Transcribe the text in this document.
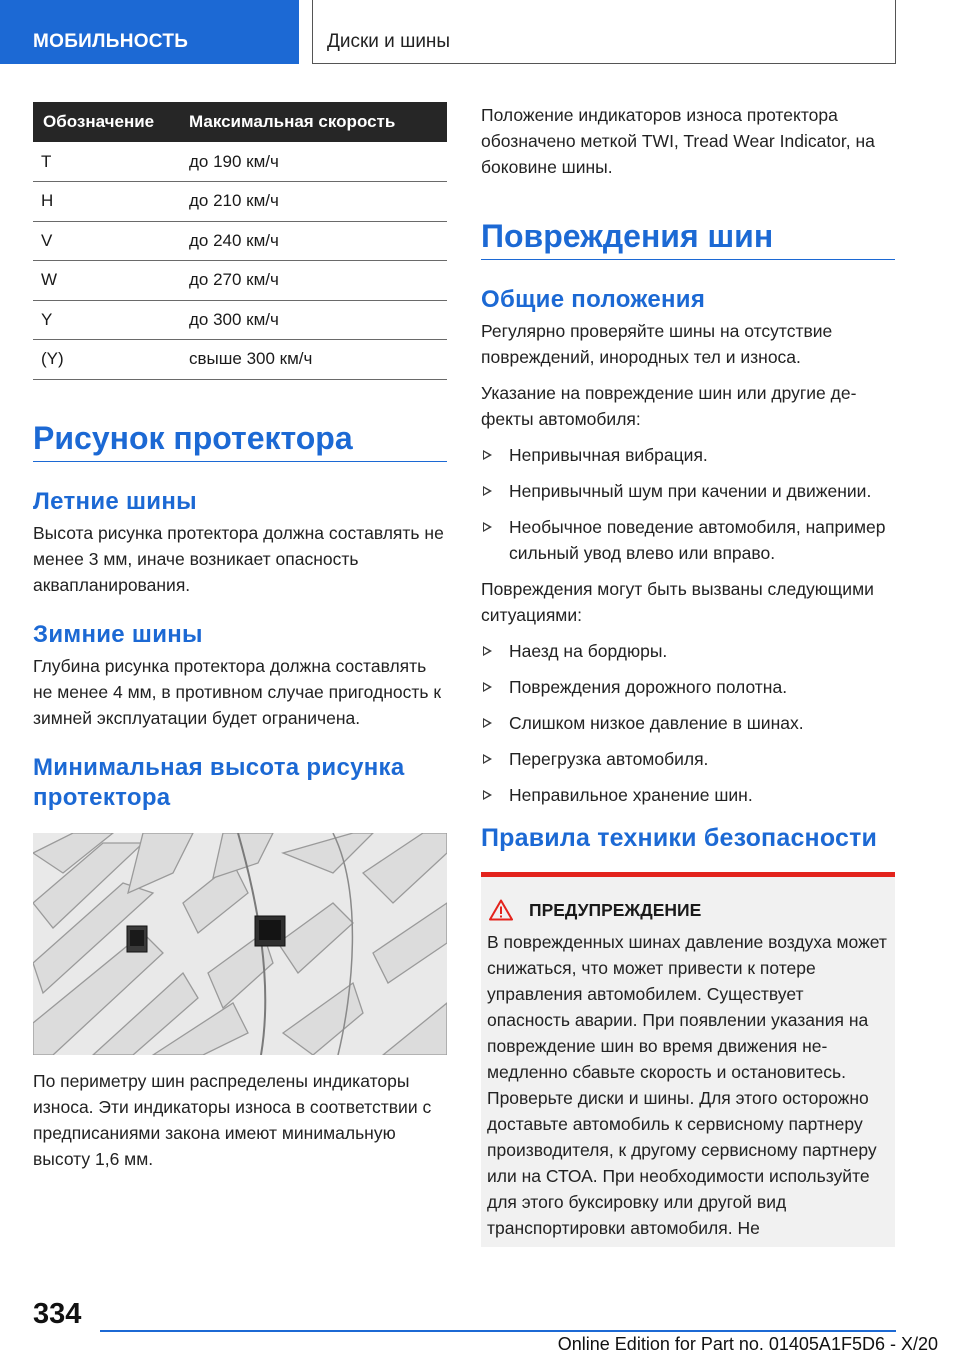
МОБИЛЬНОСТЬ	Диски и шины
Обозначение	Максимальная скорость
T	до 190 км/ч
H	до 210 км/ч
V	до 240 км/ч
W	до 270 км/ч
Y	до 300 км/ч
(Y)	свыше 300 км/ч
Рисунок протектора
Летние шины
Высота рисунка протектора должна составлять не менее 3 мм, иначе возникает опасность аквапланирования.
Зимние шины
Глубина рисунка протектора должна составлять не менее 4 мм, в противном случае пригодность к зимней эксплуатации будет ограничена.
Минимальная высота рисунка протектора
По периметру шин распределены индикаторы износа. Эти индикаторы износа в соответствии с предписаниями закона имеют минимальную высоту 1,6 мм.
Положение индикаторов износа протектора обозначено меткой TWI, Tread Wear Indicator, на боковине шины.
Повреждения шин
Общие положения
Регулярно проверяйте шины на отсутствие повреждений, инородных тел и износа.
Указание на повреждение шин или другие дефекты автомобиля:
Непривычная вибрация.
Непривычный шум при качении и движении.
Необычное поведение автомобиля, например сильный увод влево или вправо.
Повреждения могут быть вызваны следующими ситуациями:
Наезд на бордюры.
Повреждения дорожного полотна.
Слишком низкое давление в шинах.
Перегрузка автомобиля.
Неправильное хранение шин.
Правила техники безопасности
ПРЕДУПРЕЖДЕНИЕ
В поврежденных шинах давление воздуха может снижаться, что может привести к потере управления автомобилем. Существует опасность аварии. При появлении указания на повреждение шин во время движения немедленно сбавьте скорость и остановитесь. Проверьте диски и шины. Для этого осторожно доставьте автомобиль к сервисному партнеру производителя, к другому сервисному партнеру или на СТОА. При необходимости используйте для этого буксировку или другой вид транспортировки автомобиля. Не
334
Online Edition for Part no. 01405A1F5D6 - X/20
